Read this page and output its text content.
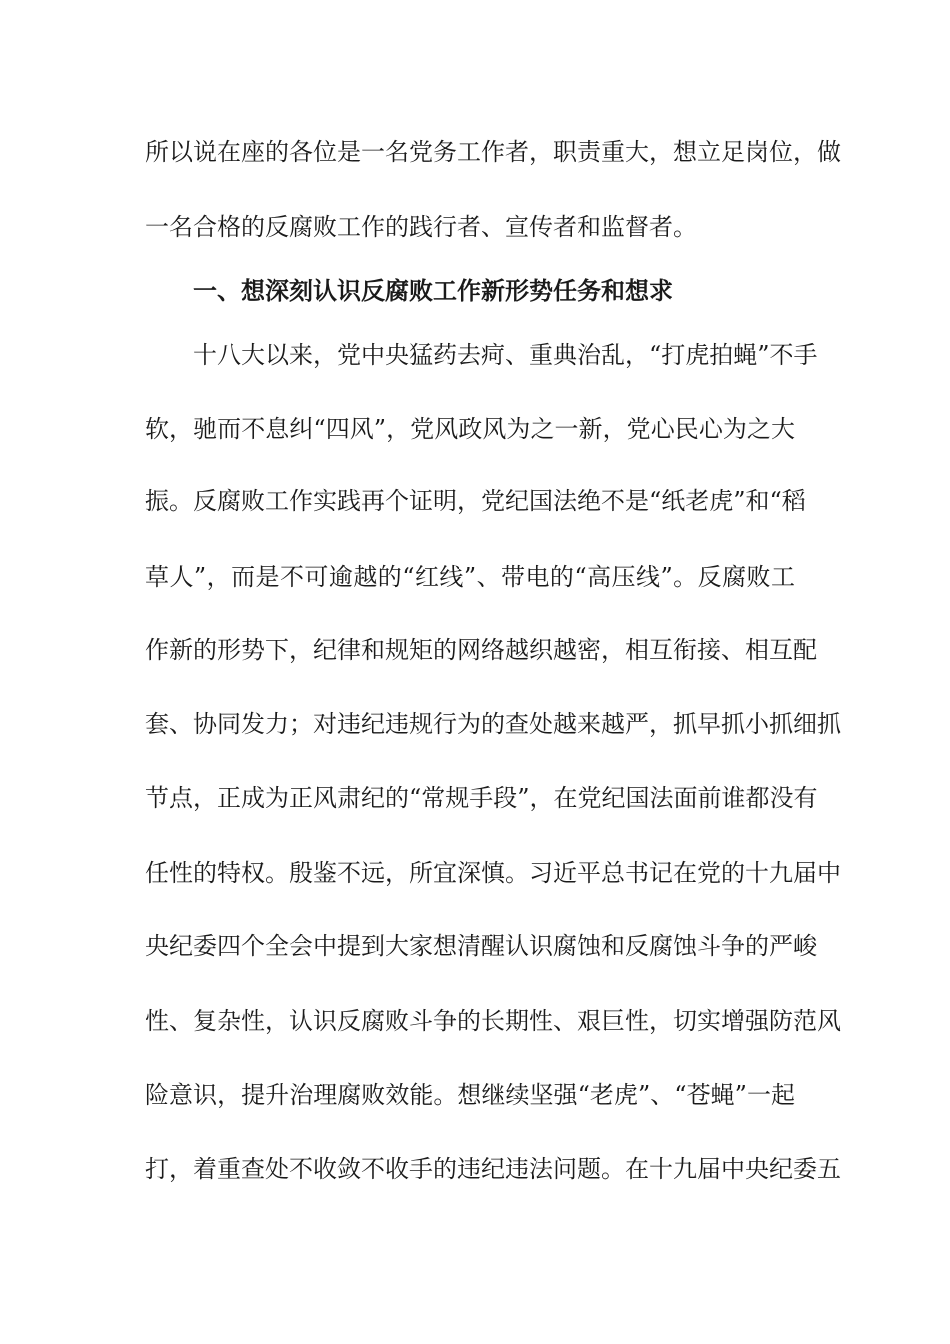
所以说在座的各位是一名党务工作者，职责重大，想立足岗位，做
一名合格的反腐败工作的践行者、宣传者和监督者。
一、想深刻认识反腐败工作新形势任务和想求
十八大以来，党中央猛药去疴、重典治乱，“打虎拍蝇”不手
软，驰而不息纠“四风”，党风政风为之一新，党心民心为之大
振。反腐败工作实践再个证明，党纪国法绝不是“纸老虎”和“稻
草人”，而是不可逾越的“红线”、带电的“高压线”。反腐败工
作新的形势下，纪律和规矩的网络越织越密，相互衔接、相互配
套、协同发力；对违纪违规行为的查处越来越严，抓早抓小抓细抓
节点，正成为正风肃纪的“常规手段”，在党纪国法面前谁都没有
任性的特权。殷鉴不远，所宜深慎。习近平总书记在党的十九届中
央纪委四个全会中提到大家想清醒认识腐蚀和反腐蚀斗争的严峻
性、复杂性，认识反腐败斗争的长期性、艰巨性，切实增强防范风
险意识，提升治理腐败效能。想继续坚强“老虎”、“苍蝇”一起
打，着重查处不收敛不收手的违纪违法问题。在十九届中央纪委五
